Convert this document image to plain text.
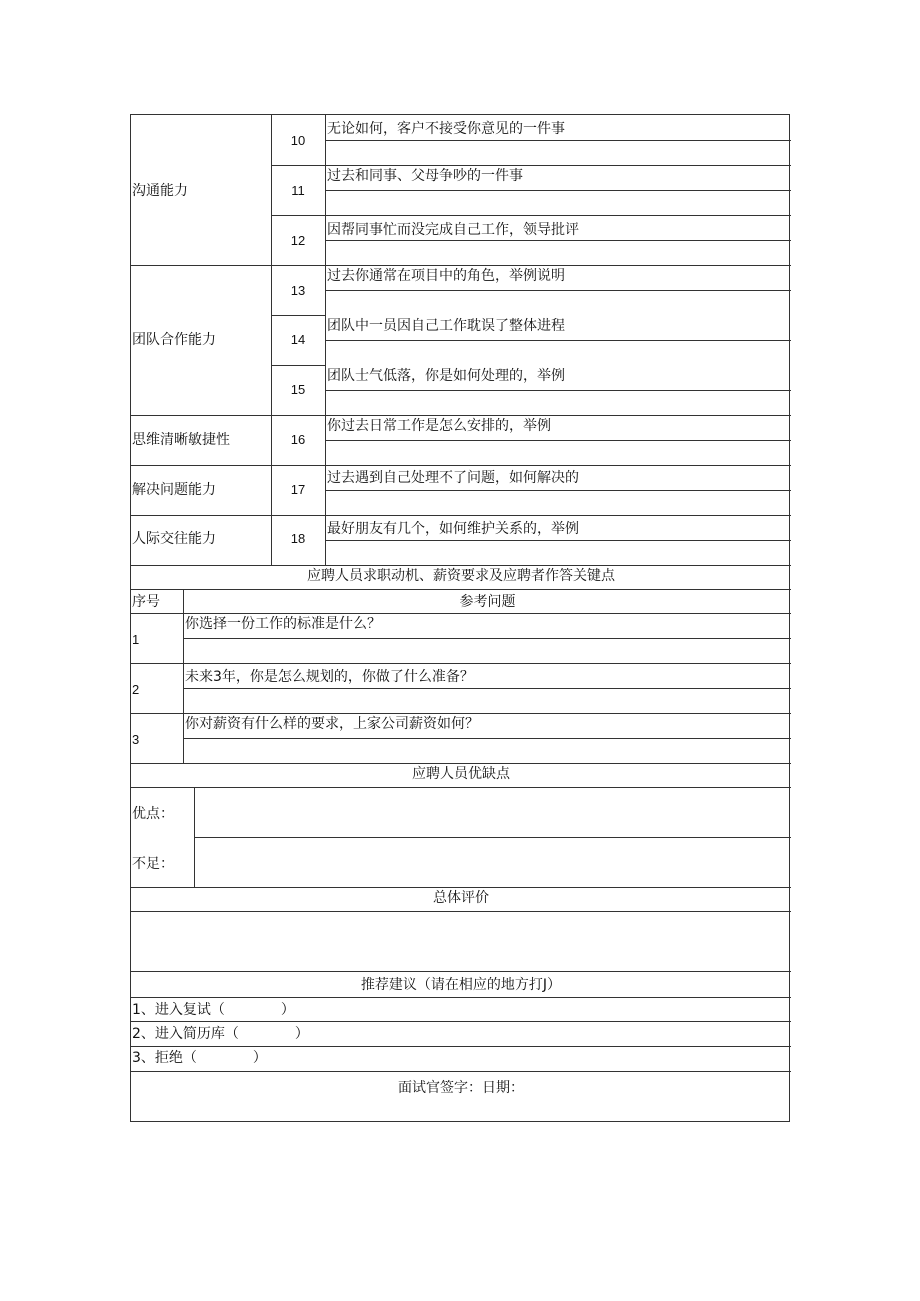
沟通能力
团队合作能力
思维清晰敏捷性
解决问题能力
人际交往能力
10
11
12
13
14
15
16
17
18
无论如何，客户不接受你意见的一件事
过去和同事、父母争吵的一件事
因帮同事忙而没完成自己工作，领导批评
过去你通常在项目中的角色，举例说明
团队中一员因自己工作耽误了整体进程
团队士气低落，你是如何处理的，举例
你过去日常工作是怎么安排的，举例
过去遇到自己处理不了问题，如何解决的
最好朋友有几个，如何维护关系的，举例
应聘人员求职动机、薪资要求及应聘者作答关键点
序号	参考问题
1
2
3
你选择一份工作的标准是什么？
未来3年，你是怎么规划的，你做了什么准备？
你对薪资有什么样的要求，上家公司薪资如何？
应聘人员优缺点
优点：
不足：
总体评价
推荐建议（请在相应的地方打J）
1、进入复试（　　　　）
2、进入简历库（　　　　）
3、拒绝（　　　　）
面试官签字：日期：
